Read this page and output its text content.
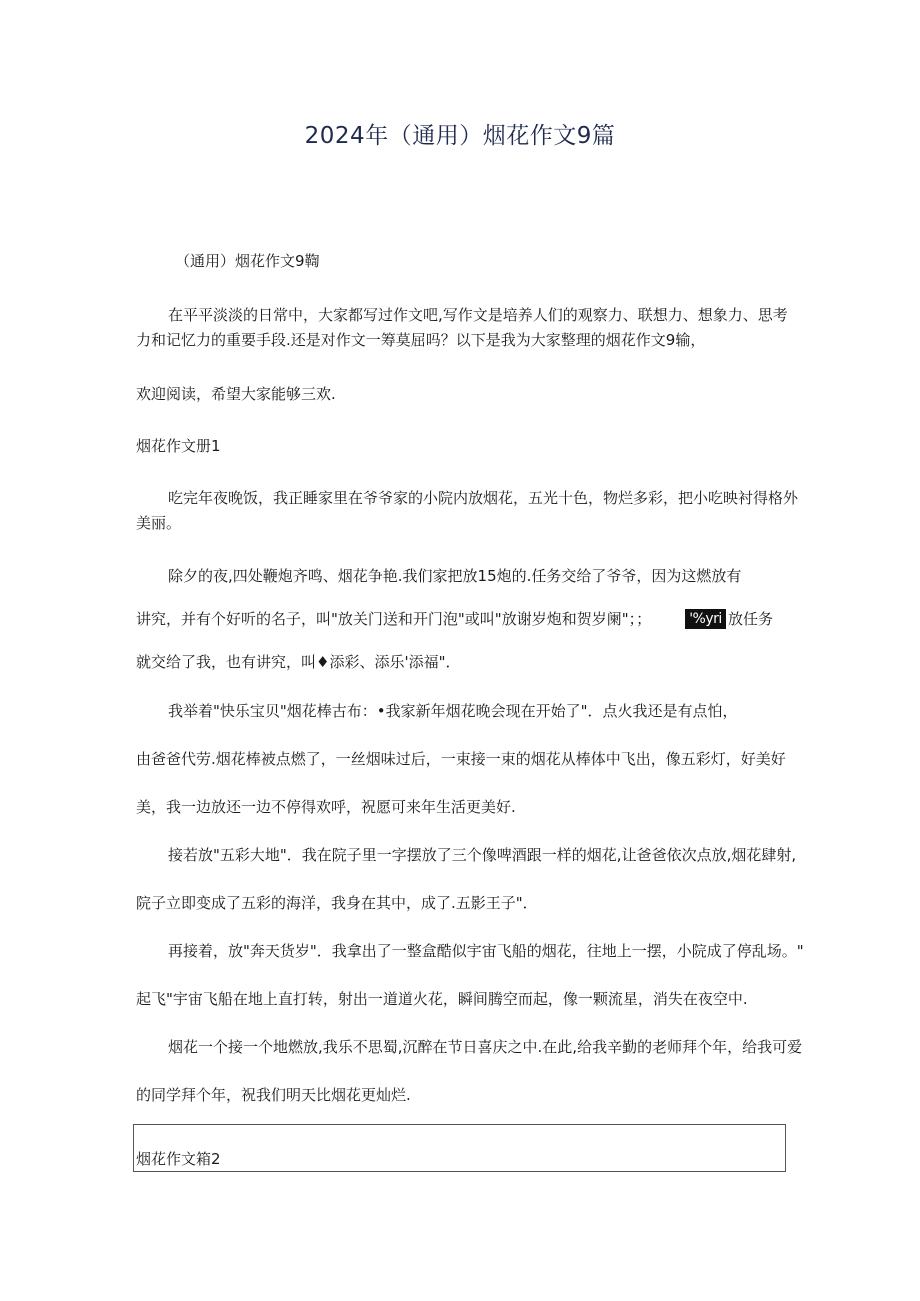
2024年（通用）烟花作文9篇
（通用）烟花作文9鞫
在平平淡淡的日常中，大家都写过作文吧,写作文是培养人们的观察力、联想力、想象力、思考
力和记忆力的重要手段.还是对作文一筹莫屈吗？以下是我为大家整理的烟花作文9输，
欢迎阅读，希望大家能够三欢.
烟花作文册1
吃完年夜晚饭，我正睡家里在爷爷家的小院内放烟花，五光十色，物烂多彩，把小吃映衬得格外
美丽。
除夕的夜,四处鞭炮齐鸣、烟花争艳.我们家把放15炮的.任务交给了爷爷，因为这燃放有
讲究，并有个好听的名子，叫"放关门送和开门泡"或叫"放谢岁炮和贺岁阑"；；	'%yri 放任务
就交给了我，也有讲究，叫♦添彩、添乐'添福"．
我举着"快乐宝贝"烟花棒古布：•我家新年烟花晚会现在开始了"．点火我还是有点怕，
由爸爸代劳.烟花棒被点燃了，一丝烟味过后，一束接一束的烟花从棒体中飞出，像五彩灯，好美好
美，我一边放还一边不停得欢呼，祝愿可来年生活更美好.
接若放"五彩大地"．我在院子里一字摆放了三个像啤酒跟一样的烟花,让爸爸依次点放,烟花肆射,
院子立即变成了五彩的海洋，我身在其中，成了.五影王子"．
再接着，放"奔天货岁"．我拿出了一整盒酷似宇宙飞船的烟花，往地上一摆，小院成了停乱场。"
起飞"宇宙飞船在地上直打转，射出一道道火花，瞬间腾空而起，像一颗流星，消失在夜空中.
烟花一个接一个地燃放,我乐不思蜀,沉醉在节日喜庆之中.在此,给我辛勤的老师拜个年，给我可爱
的同学拜个年，祝我们明天比烟花更灿烂.
烟花作文箱2
